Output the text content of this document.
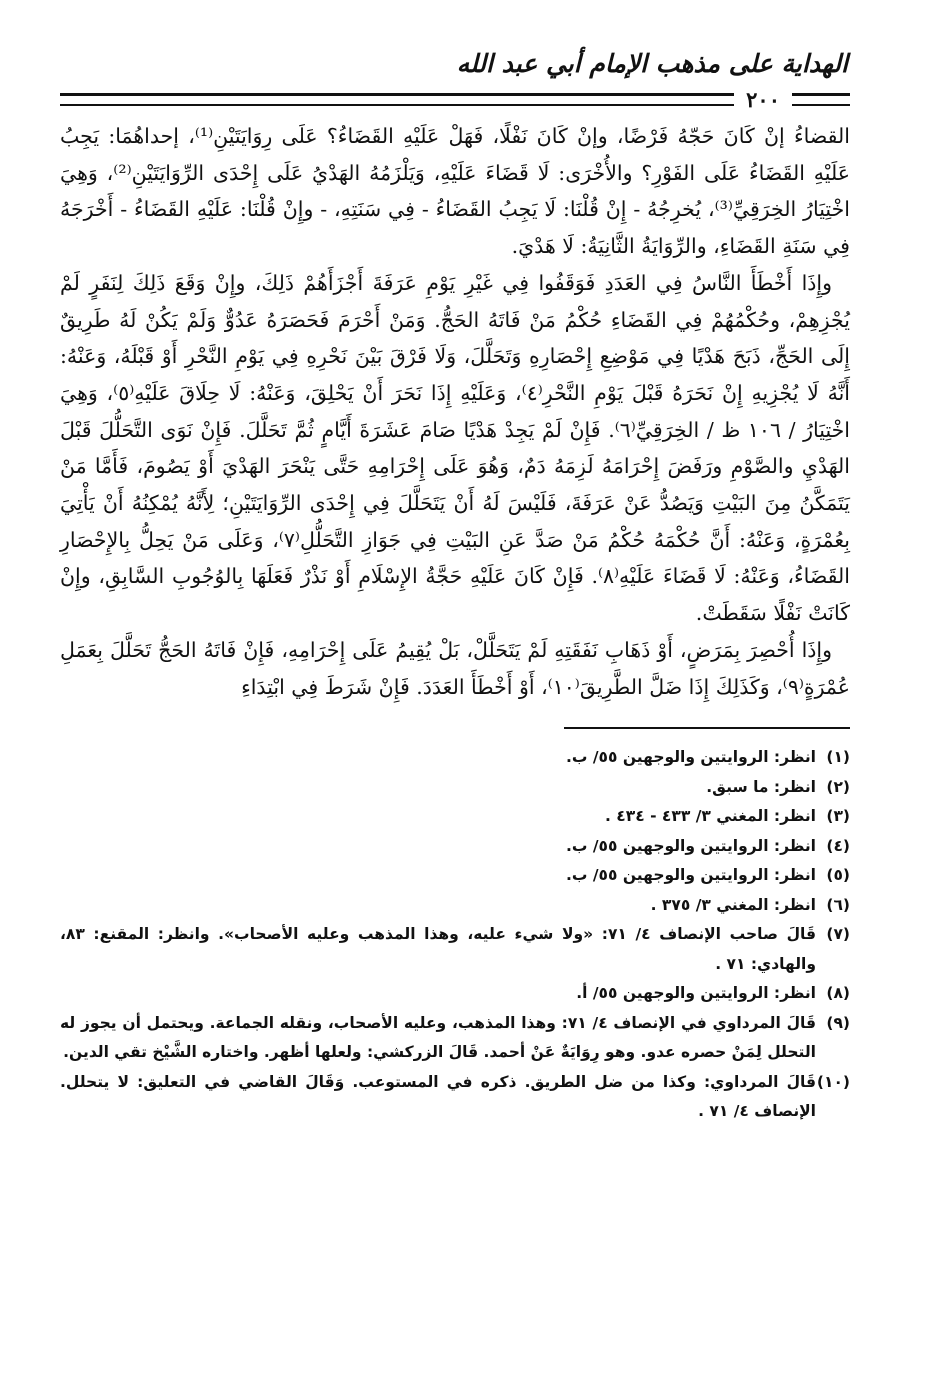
الهداية على مذهب الإمام أبي عبد الله
٢٠٠

القضاءُ إنْ كَانَ حَجّهُ فَرْضًا، وإنْ كَانَ نَفْلًا، فَهَلْ عَلَيْهِ القَضَاءُ؟ عَلَى رِوَايَتَيْنِ⁽¹⁾، إحداهُمَا: يَجِبُ عَلَيْهِ القَضَاءُ عَلَى الفَوْرِ؟ والأُخْرَى: لَا قَضَاءَ عَلَيْهِ، وَيَلْزَمُهُ الهَدْيُ عَلَى إِحْدَى الرِّوَايَتَيْنِ⁽²⁾، وَهِيَ اخْتِيَارُ الخِرَقِيِّ⁽³⁾، يُخرِجُهُ - إِنْ قُلْنَا: لَا يَجِبُ القَضَاءُ - فِي سَنَتِهِ، - وإِنْ قُلْنَا: عَلَيْهِ القَضَاءُ - أَخْرَجَهُ فِي سَنَةِ القَضَاءِ، والرِّوَايَةُ الثَّانِيَةُ: لَا هَدْيَ.

وإِذَا أَخْطَأَ النَّاسُ فِي العَدَدِ فَوَقَفُوا فِي غَيْرِ يَوْمِ عَرَفَةَ أَجْزَأَهُمْ ذَلِكَ، وإِنْ وَقَعَ ذَلِكَ لِنَفَرٍ لَمْ يُجْزِهِمْ، وحُكْمُهُمْ فِي القَضَاءِ حُكْمُ مَنْ فَاتَهُ الحَجُّ. وَمَنْ أَحْرَمَ فَحَصَرَهُ عَدُوٌّ وَلَمْ يَكُنْ لَهُ طَرِيقٌ إِلَى الحَجِّ، ذَبَحَ هَدْيًا فِي مَوْضِعِ إِحْصَارِهِ وَتَحَلَّلَ، وَلَا فَرْقَ بَيْنَ نَحْرِهِ فِي يَوْمِ النَّحْرِ أَوْ قَبْلَهُ، وَعَنْهُ: أَنَّهُ لَا يُجْزِيهِ إِنْ نَحَرَهُ قَبْلَ يَوْمِ النَّحْرِ⁽٤⁾، وَعَلَيْهِ إِذَا نَحَرَ أَنْ يَحْلِقَ، وَعَنْهُ: لَا حِلَاقَ عَلَيْهِ⁽٥⁾، وَهِيَ اخْتِيَارُ / ١٠٦ ظ / الخِرَقِيِّ⁽٦⁾. فَإِنْ لَمْ يَجِدْ هَدْيًا صَامَ عَشَرَةَ أَيَّامٍ ثُمَّ تَحَلَّلَ. فَإِنْ نَوَى التَّحَلُّلَ قَبْلَ الهَدْيِ والصَّوْمِ ورَفَضَ إِحْرَامَهُ لَزِمَهُ دَمٌ، وَهُوَ عَلَى إِحْرَامِهِ حَتَّى يَنْحَرَ الهَدْيَ أَوْ يَصُومَ، فَأَمَّا مَنْ يَتَمَكَّنُ مِنَ البَيْتِ وَيَصُدُّ عَنْ عَرَفَةَ، فَلَيْسَ لَهُ أَنْ يَتَحَلَّلَ فِي إِحْدَى الرِّوَايَتَيْنِ؛ لِأَنَّهُ يُمْكِنُهُ أَنْ يَأْتِيَ بِعُمْرَةٍ، وَعَنْهُ: أَنَّ حُكْمَهُ حُكْمُ مَنْ صَدَّ عَنِ البَيْتِ فِي جَوَازِ التَّحَلُّلِ⁽٧⁾، وَعَلَى مَنْ يَحِلُّ بِالإِحْصَارِ القَضَاءُ، وَعَنْهُ: لَا قَضَاءَ عَلَيْهِ⁽٨⁾. فَإِنْ كَانَ عَلَيْهِ حَجَّةُ الإِسْلَامِ أَوْ نَذْرٌ فَعَلَهَا بِالوُجُوبِ السَّابِقِ، وإِنْ كَانَتْ نَفْلًا سَقَطَتْ.

وإِذَا أُحْصِرَ بِمَرَضٍ، أَوْ ذَهَابِ نَفَقَتِهِ لَمْ يَتَحَلَّلْ، بَلْ يُقِيمُ عَلَى إِحْرَامِهِ، فَإِنْ فَاتَهُ الحَجُّ تَحَلَّلَ بِعَمَلِ عُمْرَةٍ⁽٩⁾، وَكَذَلِكَ إِذَا ضَلَّ الطَّرِيقَ⁽١٠⁾، أَوْ أَخْطَأَ العَدَدَ. فَإِنْ شَرَطَ فِي ابْتِدَاءِ

(١)
انظر: الروايتين والوجهين ٥٥/ ب.
(٢)
انظر: ما سبق.
(٣)
انظر: المغني ٣/ ٤٣٣ - ٤٣٤ .
(٤)
انظر: الروايتين والوجهين ٥٥/ ب.
(٥)
انظر: الروايتين والوجهين ٥٥/ ب.
(٦)
انظر: المغني ٣/ ٣٧٥ .
(٧)
قَالَ صاحب الإنصاف ٤/ ٧١: «ولا شيء عليه، وهذا المذهب وعليه الأصحاب». وانظر: المقنع: ٨٣، والهادي: ٧١ .
(٨)
انظر: الروايتين والوجهين ٥٥/ أ.
(٩)
قَالَ المرداوي في الإنصاف ٤/ ٧١: وهذا المذهب، وعليه الأصحاب، ونقله الجماعة. ويحتمل أن يجوز له التحلل لِمَنْ حصره عدو. وهو رِوَايَةٌ عَنْ أحمد. قَالَ الزركشي: ولعلها أظهر. واختاره الشَّيْخ تقي الدين.
(١٠)
قَالَ المرداوي: وكذا من ضل الطريق. ذكره في المستوعب. وَقَالَ القاضي في التعليق: لا يتحلل. الإنصاف ٤/ ٧١ .
